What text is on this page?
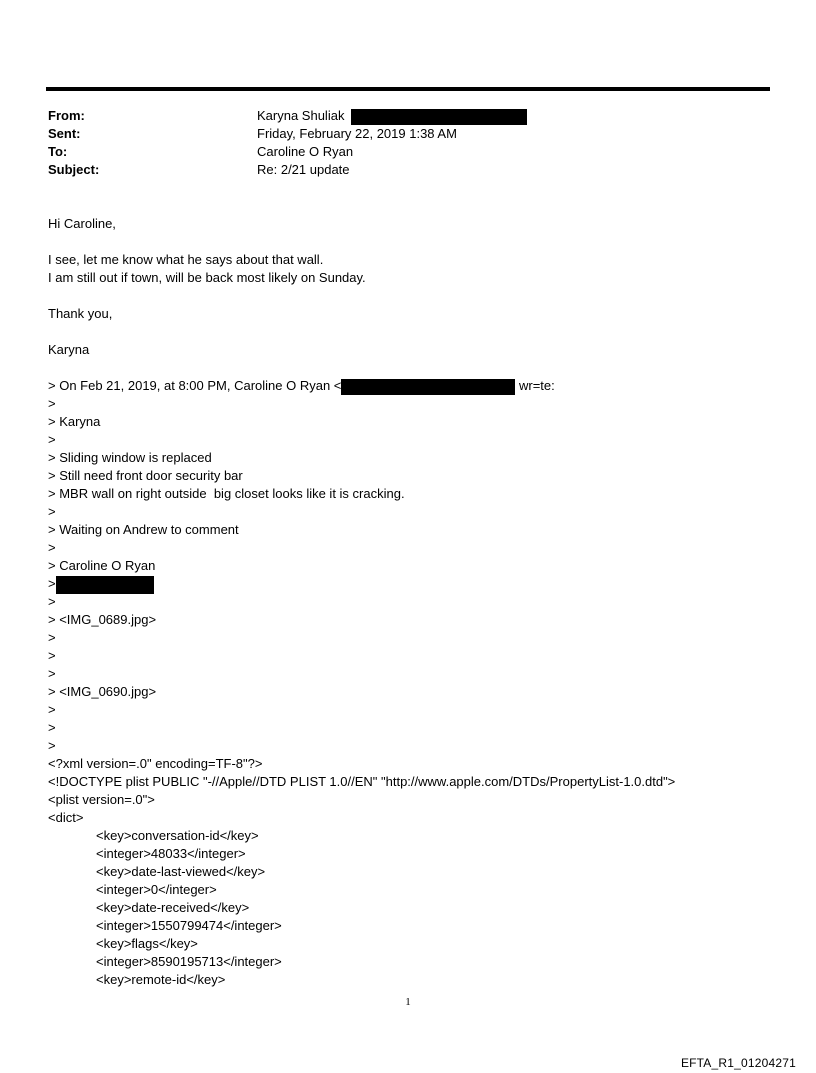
From:	Karyna Shuliak
Sent:	Friday, February 22, 2019 1:38 AM
To:	Caroline O Ryan
Subject:	Re: 2/21 update
Hi Caroline,
I see, let me know what he says about that wall.
I am still out if town, will be back most likely on Sunday.
Thank you,
Karyna
> On Feb 21, 2019, at 8:00 PM, Caroline O Ryan <	wr=te:
>
> Karyna
>
> Sliding window is replaced
> Still need front door security bar
> MBR wall on right outside  big closet looks like it is cracking.
>
> Waiting on Andrew to comment
>
> Caroline O Ryan
>
>
> <IMG_0689.jpg>
>
>
>
> <IMG_0690.jpg>
>
>
>
<?xml version=.0" encoding=TF-8"?>
<!DOCTYPE plist PUBLIC "-//Apple//DTD PLIST 1.0//EN" "http://www.apple.com/DTDs/PropertyList-1.0.dtd">
<plist version=.0">
<dict>
<key>conversation-id</key>
<integer>48033</integer>
<key>date-last-viewed</key>
<integer>0</integer>
<key>date-received</key>
<integer>1550799474</integer>
<key>flags</key>
<integer>8590195713</integer>
<key>remote-id</key>
1
EFTA_R1_01204271
